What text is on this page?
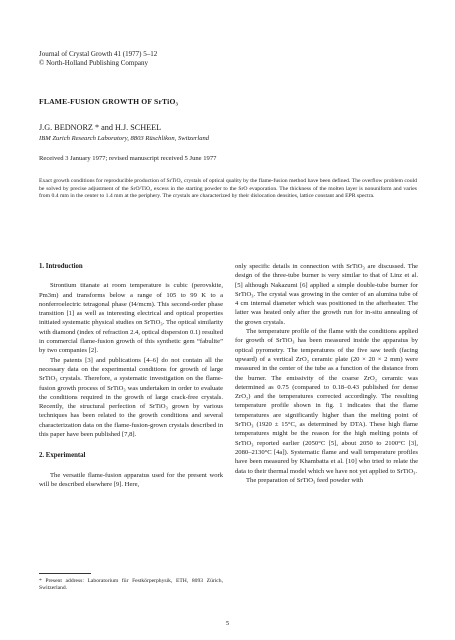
Journal of Crystal Growth 41 (1977) 5–12
© North-Holland Publishing Company
FLAME-FUSION GROWTH OF SrTiO₃
J.G. BEDNORZ * and H.J. SCHEEL
IBM Zurich Research Laboratory, 8803 Rüschlikon, Switzerland
Received 3 January 1977; revised manuscript received 5 June 1977
Exact growth conditions for reproducible production of SrTiO₃ crystals of optical quality by the flame-fusion method have been defined. The overflow problem could be solved by precise adjustment of the SrO/TiO₂ excess in the starting powder to the SrO evaporation. The thickness of the molten layer is nonuniform and varies from 0.4 mm in the center to 1.4 mm at the periphery. The crystals are characterized by their dislocation densities, lattice constant and EPR spectra.
1. Introduction

Strontium titanate at room temperature is cubic (perovskite, Pm3m) and transforms below a range of 105 to 99 K to a nonferroelectric tetragonal phase (I4/mcm). This second-order phase transition [1] as well as interesting electrical and optical properties initiated systematic physical studies on SrTiO₃. The optical similarity with diamond (index of refraction 2.4, optical dispersion 0.1) resulted in commercial flame-fusion growth of this synthetic gem “fabulite” by two companies [2].

The patents [3] and publications [4–6] do not contain all the necessary data on the experimental conditions for growth of large SrTiO₃ crystals. Therefore, a systematic investigation on the flame-fusion growth process of SrTiO₃ was undertaken in order to evaluate the conditions required in the growth of large crack-free crystals. Recently, the structural perfection of SrTiO₃ grown by various techniques has been related to the growth conditions and several characterization data on the flame-fusion-grown crystals described in this paper have been published [7,8].

2. Experimental

The versatile flame-fusion apparatus used for the present work will be described elsewhere [9]. Here,

* Present address: Laboratorium für Festkörperphysik, ETH, 8093 Zürich, Switzerland.

only specific details in connection with SrTiO₃ are discussed. The design of the three-tube burner is very similar to that of Linz et al. [5] although Nakazumi [6] applied a simple double-tube burner for SrTiO₃. The crystal was growing in the center of an alumina tube of 4 cm internal diameter which was positioned in the afterheater. The latter was heated only after the growth run for in-situ annealing of the grown crystals.

The temperature profile of the flame with the conditions applied for growth of SrTiO₃ has been measured inside the apparatus by optical pyrometry. The temperatures of the five saw teeth (facing upward) of a vertical ZrO₂ ceramic plate (20 × 20 × 2 mm) were measured in the center of the tube as a function of the distance from the burner. The emissivity of the coarse ZrO₂ ceramic was determined as 0.75 (compared to 0.18–0.43 published for dense ZrO₂) and the temperatures corrected accordingly. The resulting temperature profile shown in fig. 1 indicates that the flame temperatures are significantly higher than the melting point of SrTiO₃ (1920 ± 15°C, as determined by DTA). These high flame temperatures might be the reason for the high melting points of SrTiO₃ reported earlier (2050°C [5], about 2050 to 2100°C [3], 2080–2130°C [4a]). Systematic flame and wall temperature profiles have been measured by Khambatta et al. [10] who tried to relate the data to their thermal model which we have not yet applied to SrTiO₃.

The preparation of SrTiO₃ feed powder with

5
